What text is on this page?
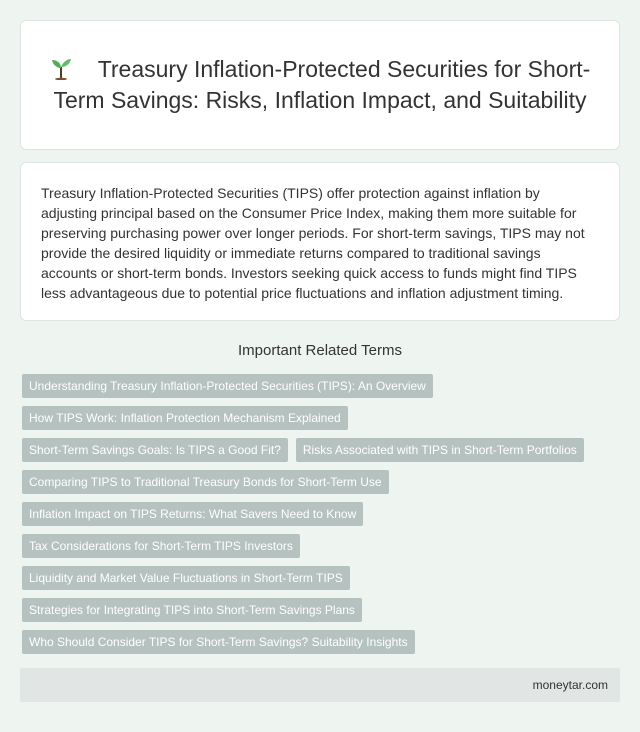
Treasury Inflation-Protected Securities for Short-Term Savings: Risks, Inflation Impact, and Suitability

Treasury Inflation-Protected Securities (TIPS) offer protection against inflation by adjusting principal based on the Consumer Price Index, making them more suitable for preserving purchasing power over longer periods. For short-term savings, TIPS may not provide the desired liquidity or immediate returns compared to traditional savings accounts or short-term bonds. Investors seeking quick access to funds might find TIPS less advantageous due to potential price fluctuations and inflation adjustment timing.

Important Related Terms
Understanding Treasury Inflation-Protected Securities (TIPS): An Overview
How TIPS Work: Inflation Protection Mechanism Explained
Short-Term Savings Goals: Is TIPS a Good Fit?	Risks Associated with TIPS in Short-Term Portfolios
Comparing TIPS to Traditional Treasury Bonds for Short-Term Use
Inflation Impact on TIPS Returns: What Savers Need to Know
Tax Considerations for Short-Term TIPS Investors
Liquidity and Market Value Fluctuations in Short-Term TIPS
Strategies for Integrating TIPS into Short-Term Savings Plans
Who Should Consider TIPS for Short-Term Savings? Suitability Insights
moneytar.com
